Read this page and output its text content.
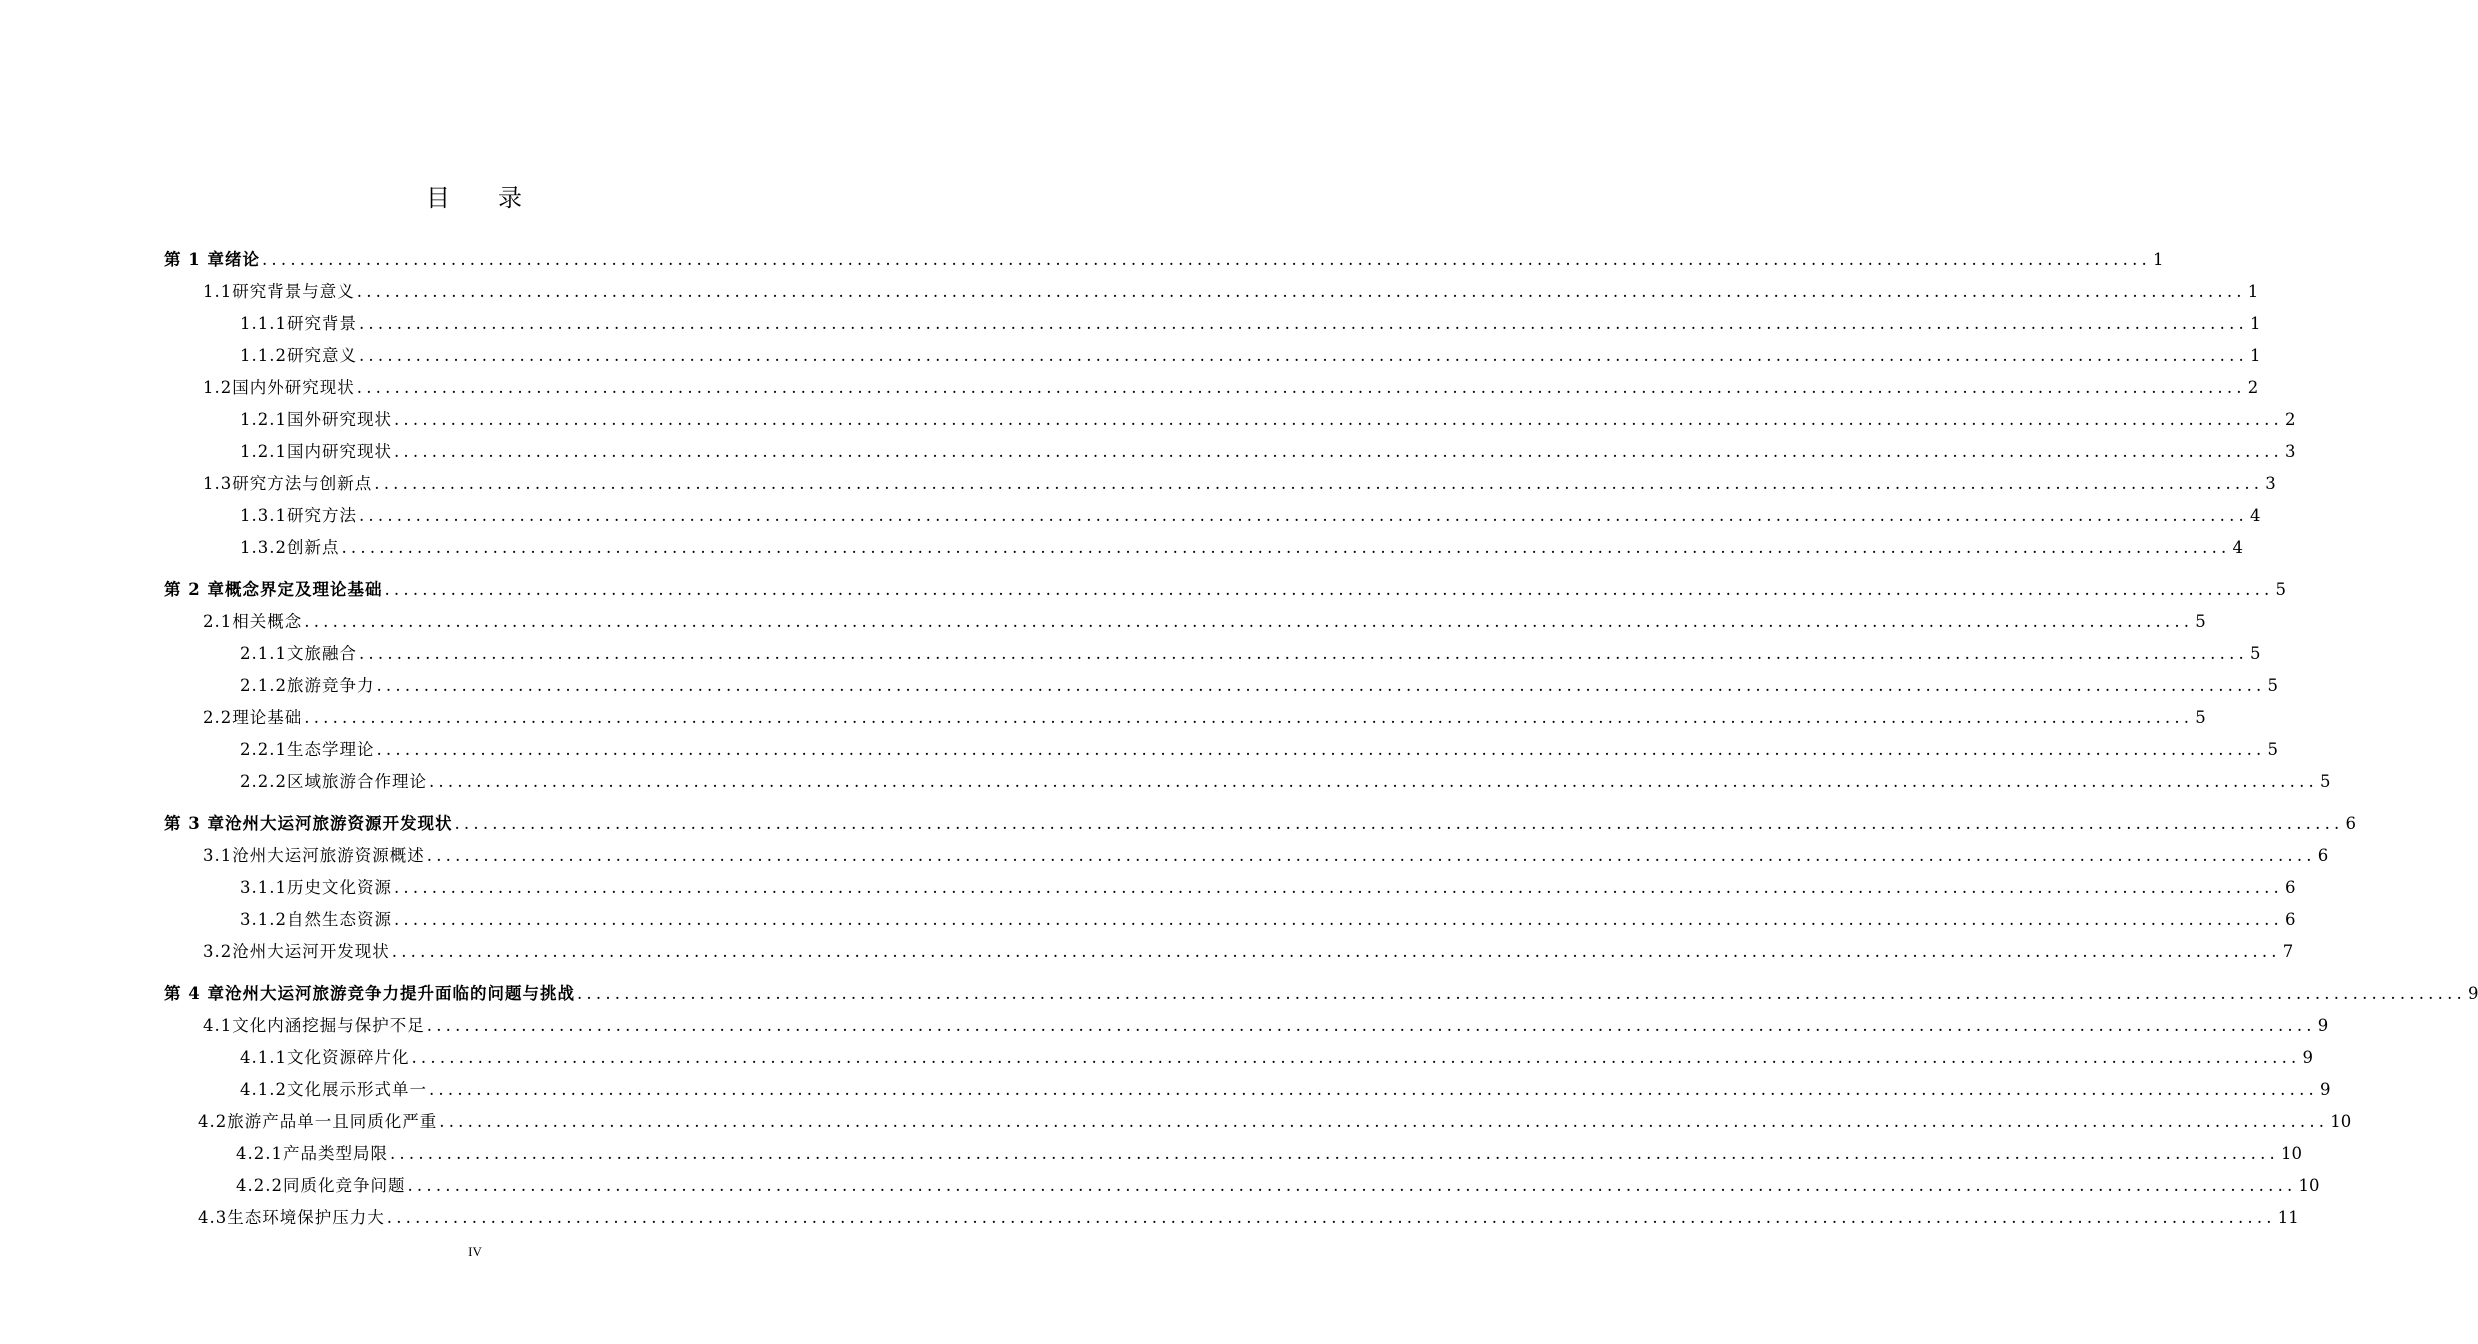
目 录
第 1 章 绪论 ........................................................................................................................................................................................................ 1
1.1 研究背景与意义 ........................................................................................................................................................................................................ 1
1.1.1 研究背景 ........................................................................................................................................................................................................ 1
1.1.2 研究意义 ........................................................................................................................................................................................................ 1
1.2 国内外研究现状 ........................................................................................................................................................................................................ 2
1.2.1 国外研究现状 ........................................................................................................................................................................................................ 2
1.2.1 国内研究现状 ........................................................................................................................................................................................................ 3
1.3 研究方法与创新点 ........................................................................................................................................................................................................ 3
1.3.1 研究方法 ........................................................................................................................................................................................................ 4
1.3.2 创新点 ........................................................................................................................................................................................................ 4
第 2 章 概念界定及理论基础 ........................................................................................................................................................................................................ 5
2.1 相关概念 ........................................................................................................................................................................................................ 5
2.1.1 文旅融合 ........................................................................................................................................................................................................ 5
2.1.2 旅游竞争力 ........................................................................................................................................................................................................ 5
2.2 理论基础 ........................................................................................................................................................................................................ 5
2.2.1 生态学理论 ........................................................................................................................................................................................................ 5
2.2.2 区域旅游合作理论 ........................................................................................................................................................................................................ 5
第 3 章 沧州大运河旅游资源开发现状 ........................................................................................................................................................................................................ 6
3.1 沧州大运河旅游资源概述 ........................................................................................................................................................................................................ 6
3.1.1 历史文化资源 ........................................................................................................................................................................................................ 6
3.1.2 自然生态资源 ........................................................................................................................................................................................................ 6
3.2 沧州大运河开发现状 ........................................................................................................................................................................................................ 7
第 4 章 沧州大运河旅游竞争力提升面临的问题与挑战 ........................................................................................................................................................................................................ 9
4.1 文化内涵挖掘与保护不足 ........................................................................................................................................................................................................ 9
4.1.1 文化资源碎片化 ........................................................................................................................................................................................................ 9
4.1.2 文化展示形式单一 ........................................................................................................................................................................................................ 9
4.2 旅游产品单一且同质化严重 ........................................................................................................................................................................................................ 10
4.2.1 产品类型局限 ........................................................................................................................................................................................................ 10
4.2.2 同质化竞争问题 ........................................................................................................................................................................................................ 10
4.3 生态环境保护压力大 ........................................................................................................................................................................................................ 11
IV
